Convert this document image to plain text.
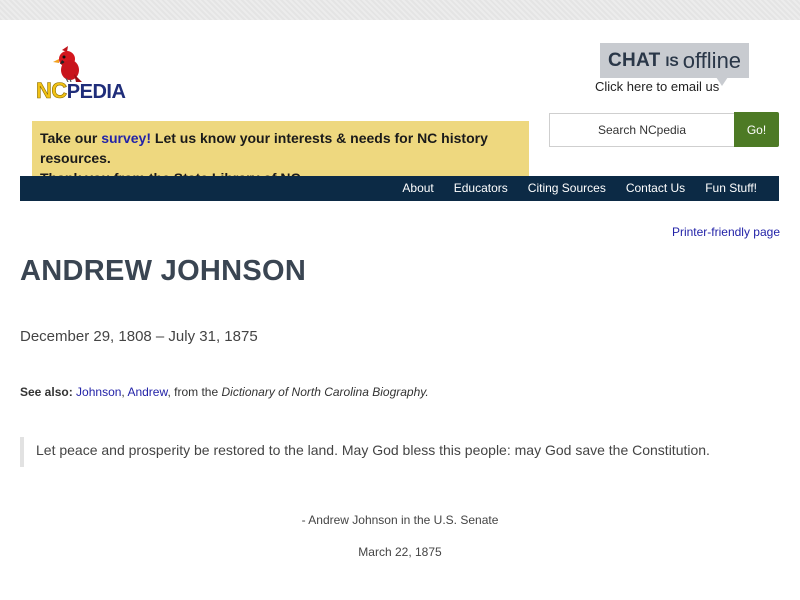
NCPEDIA
CHAT IS offline
Click here to email us
Take our survey! Let us know your interests & needs for NC history resources.
Search NCpedia	Go!
About	Educators	Citing Sources	Contact Us	Fun Stuff!
Printer-friendly page
ANDREW JOHNSON
December 29, 1808 – July 31, 1875
See also: Johnson, Andrew, from the Dictionary of North Carolina Biography.
Let peace and prosperity be restored to the land. May God bless this people: may God save the Constitution.
- Andrew Johnson in the U.S. Senate
March 22, 1875
